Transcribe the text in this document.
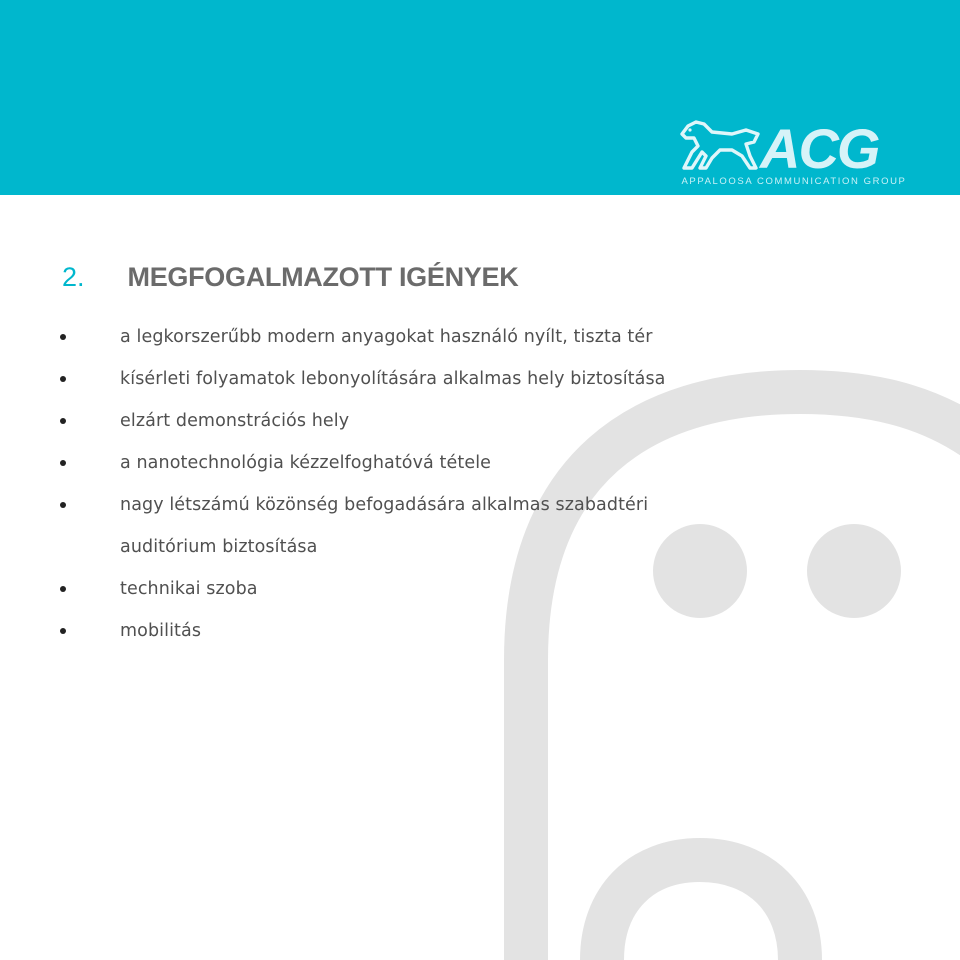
ACG
APPALOOSA COMMUNICATION GROUP
2. MEGFOGALMAZOTT IGÉNYEK
a legkorszerűbb modern anyagokat használó nyílt, tiszta tér
kísérleti folyamatok lebonyolítására alkalmas hely biztosítása
elzárt demonstrációs hely
a nanotechnológia kézzelfoghatóvá tétele
nagy létszámú közönség befogadására alkalmas szabadtéri
auditórium biztosítása
technikai szoba
mobilitás
